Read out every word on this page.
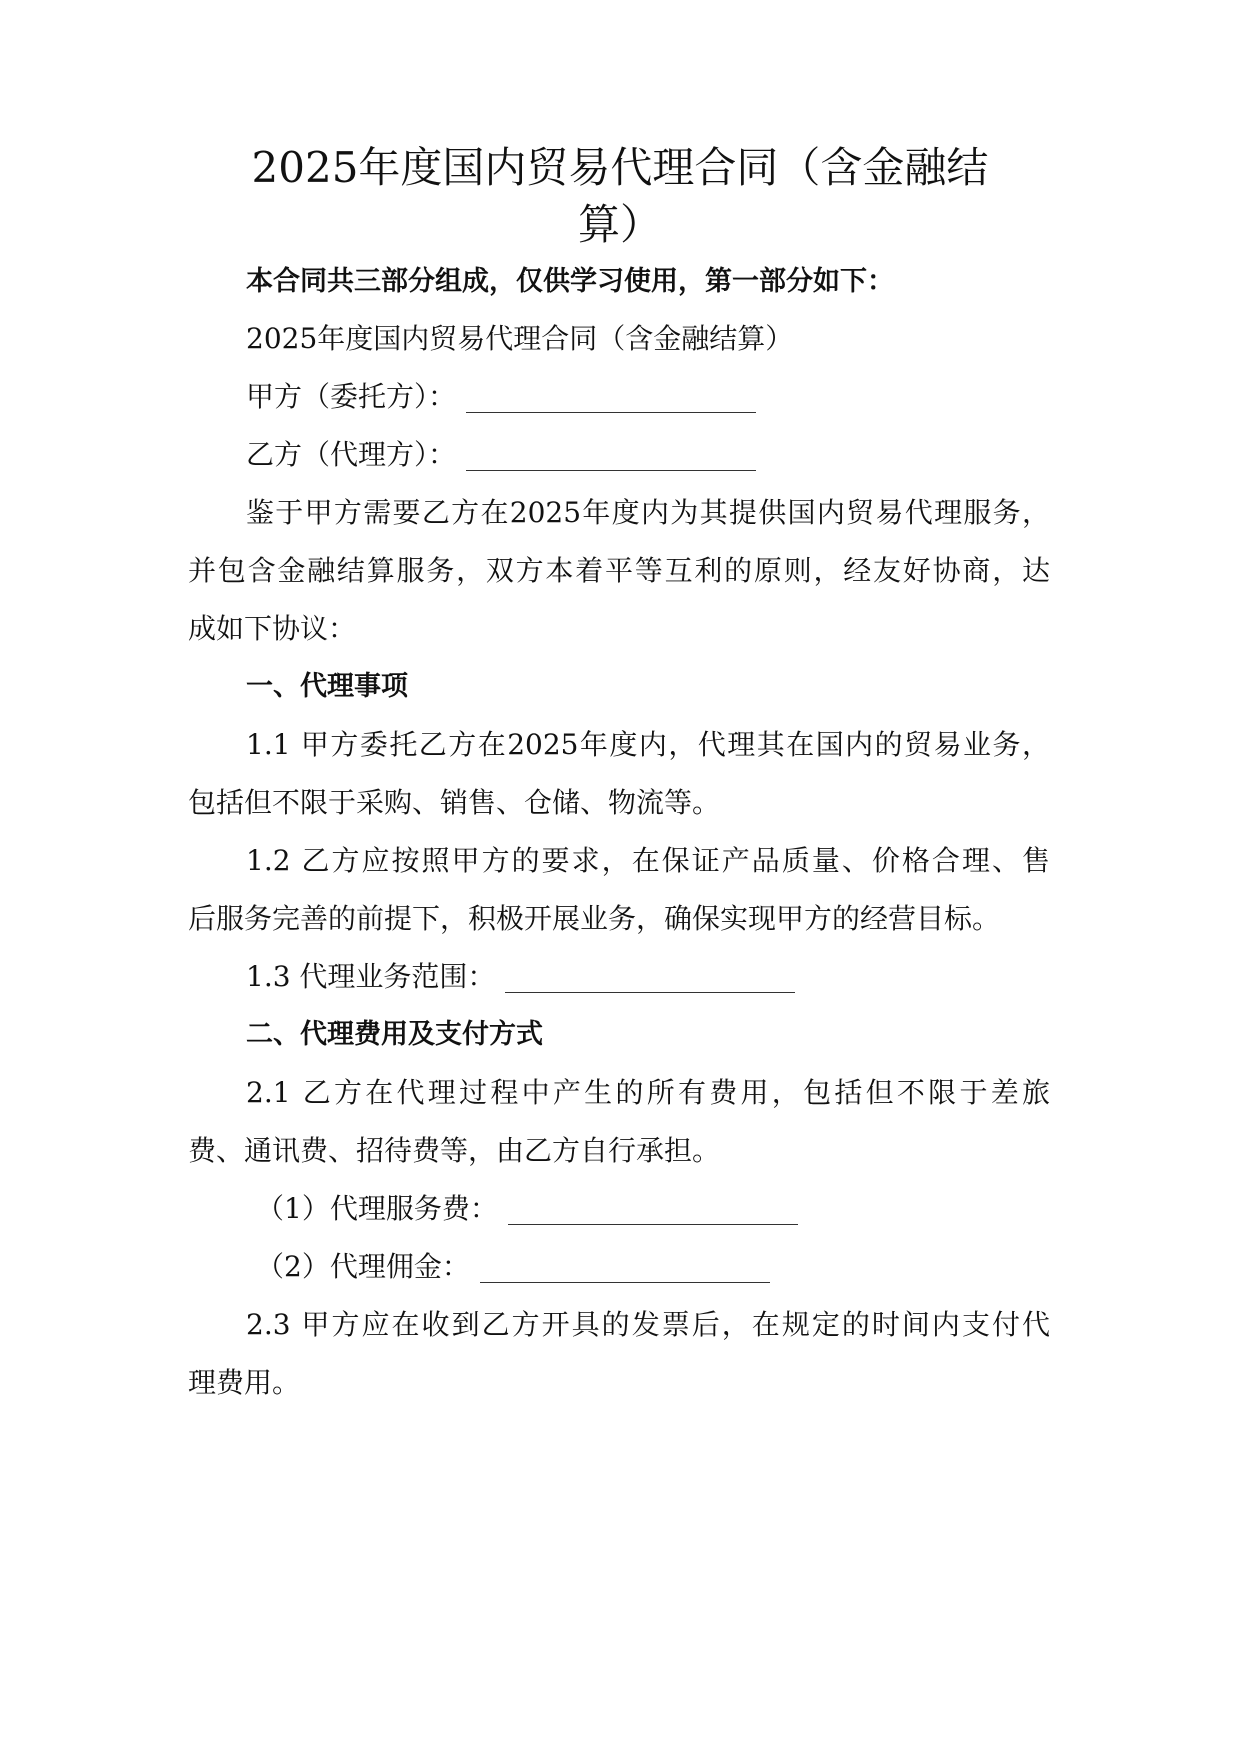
2025年度国内贸易代理合同（含金融结
算）

本合同共三部分组成，仅供学习使用，第一部分如下：

2025年度国内贸易代理合同（含金融结算）

甲方（委托方）：

乙方（代理方）：

鉴于甲方需要乙方在2025年度内为其提供国内贸易代理服务，

并包含金融结算服务，双方本着平等互利的原则，经友好协商，达

成如下协议：

一、代理事项

1.1 甲方委托乙方在2025年度内，代理其在国内的贸易业务，

包括但不限于采购、销售、仓储、物流等。

1.2 乙方应按照甲方的要求，在保证产品质量、价格合理、售

后服务完善的前提下，积极开展业务，确保实现甲方的经营目标。

1.3 代理业务范围：

二、代理费用及支付方式

2.1 乙方在代理过程中产生的所有费用，包括但不限于差旅

费、通讯费、招待费等，由乙方自行承担。

（1）代理服务费：

（2）代理佣金：

2.3 甲方应在收到乙方开具的发票后，在规定的时间内支付代

理费用。
